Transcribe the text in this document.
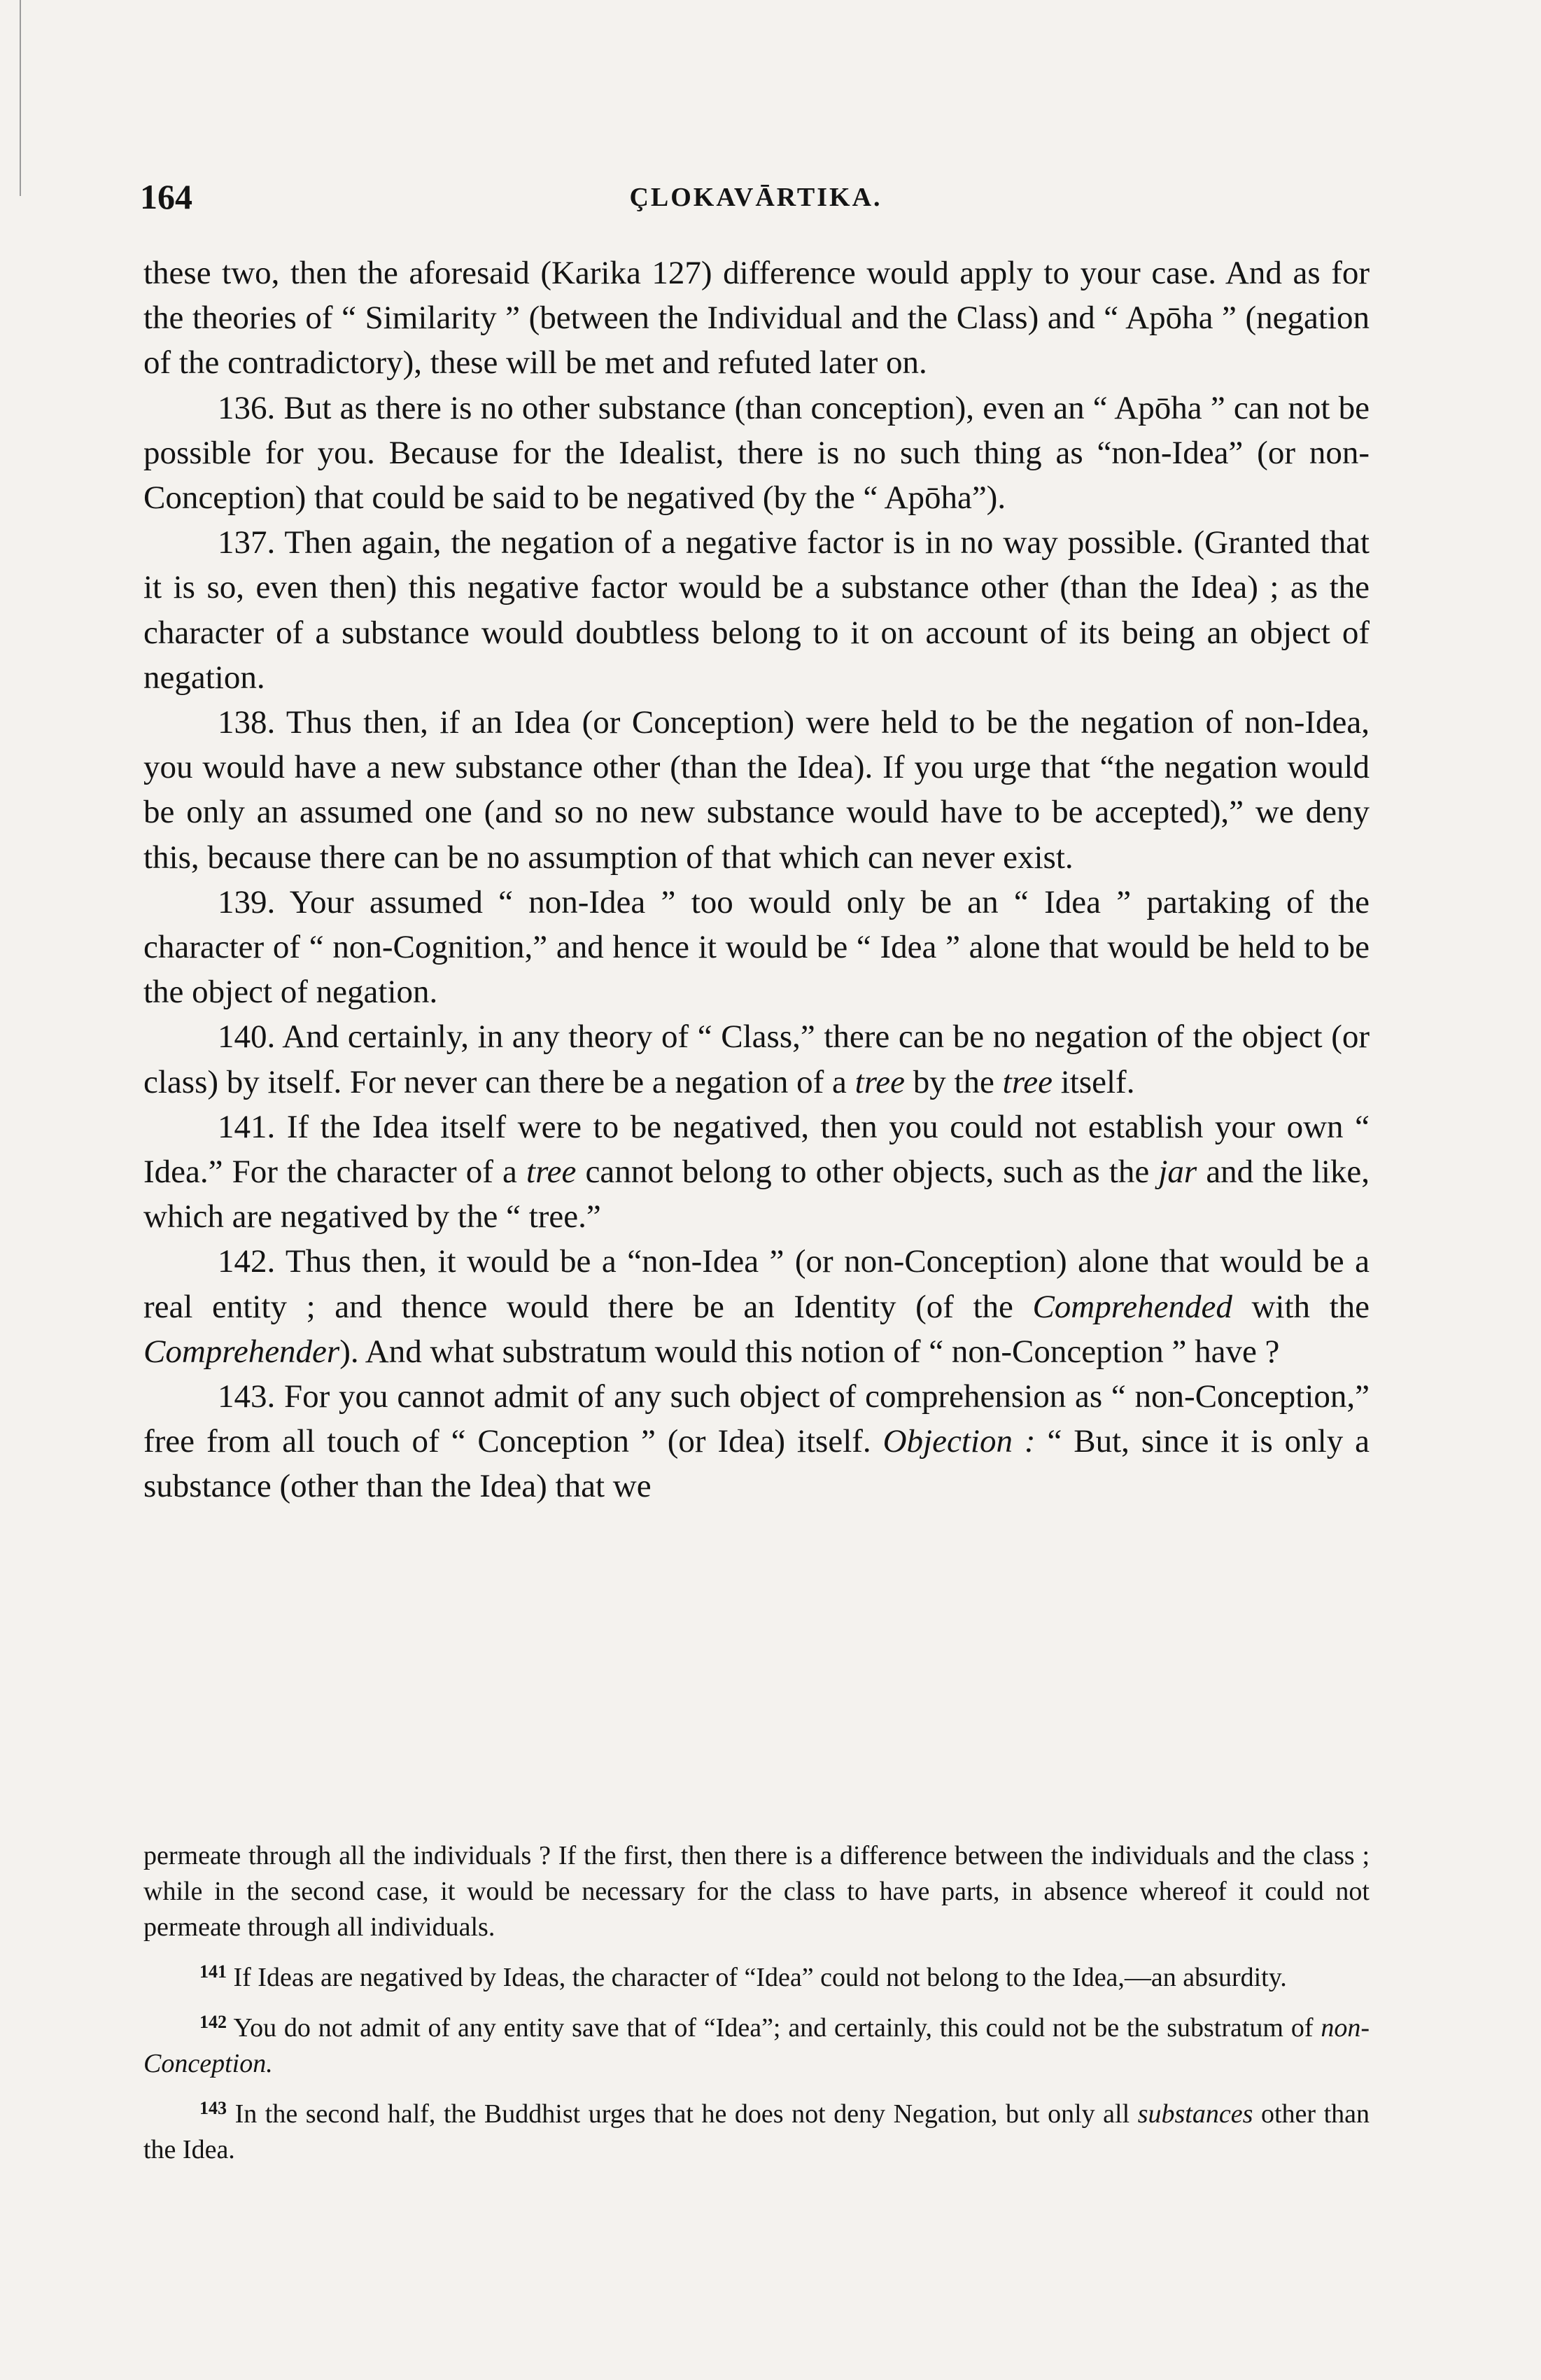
164	ÇLOKAVĀRTIKA.

these two, then the aforesaid (Karika 127) difference would apply to your case. And as for the theories of “ Similarity ” (between the Individual and the Class) and “ Apōha ” (negation of the contradictory), these will be met and refuted later on.

136. But as there is no other substance (than conception), even an “ Apōha ” can not be possible for you. Because for the Idealist, there is no such thing as “non-Idea” (or non-Conception) that could be said to be negatived (by the “ Apōha”).

137. Then again, the negation of a negative factor is in no way possible. (Granted that it is so, even then) this negative factor would be a substance other (than the Idea) ; as the character of a substance would doubtless belong to it on account of its being an object of negation.

138. Thus then, if an Idea (or Conception) were held to be the negation of non-Idea, you would have a new substance other (than the Idea). If you urge that “the negation would be only an assumed one (and so no new substance would have to be accepted),” we deny this, because there can be no assumption of that which can never exist.

139. Your assumed “ non-Idea ” too would only be an “ Idea ” partaking of the character of “ non-Cognition,” and hence it would be “ Idea ” alone that would be held to be the object of negation.

140. And certainly, in any theory of “ Class,” there can be no negation of the object (or class) by itself. For never can there be a negation of a tree by the tree itself.

141. If the Idea itself were to be negatived, then you could not establish your own “ Idea.” For the character of a tree cannot belong to other objects, such as the jar and the like, which are negatived by the “ tree.”

142. Thus then, it would be a “non-Idea ” (or non-Conception) alone that would be a real entity ; and thence would there be an Identity (of the Comprehended with the Comprehender). And what substratum would this notion of “ non-Conception ” have ?

143. For you cannot admit of any such object of comprehension as “ non-Conception,” free from all touch of “ Conception ” (or Idea) itself. Objection : “ But, since it is only a substance (other than the Idea) that we

permeate through all the individuals ? If the first, then there is a difference between the individuals and the class ; while in the second case, it would be necessary for the class to have parts, in absence whereof it could not permeate through all individuals.

$^{141}$ If Ideas are negatived by Ideas, the character of “Idea” could not belong to the Idea,—an absurdity.

$^{142}$ You do not admit of any entity save that of “Idea”; and certainly, this could not be the substratum of non-Conception.

$^{143}$ In the second half, the Buddhist urges that he does not deny Negation, but only all substances other than the Idea.
